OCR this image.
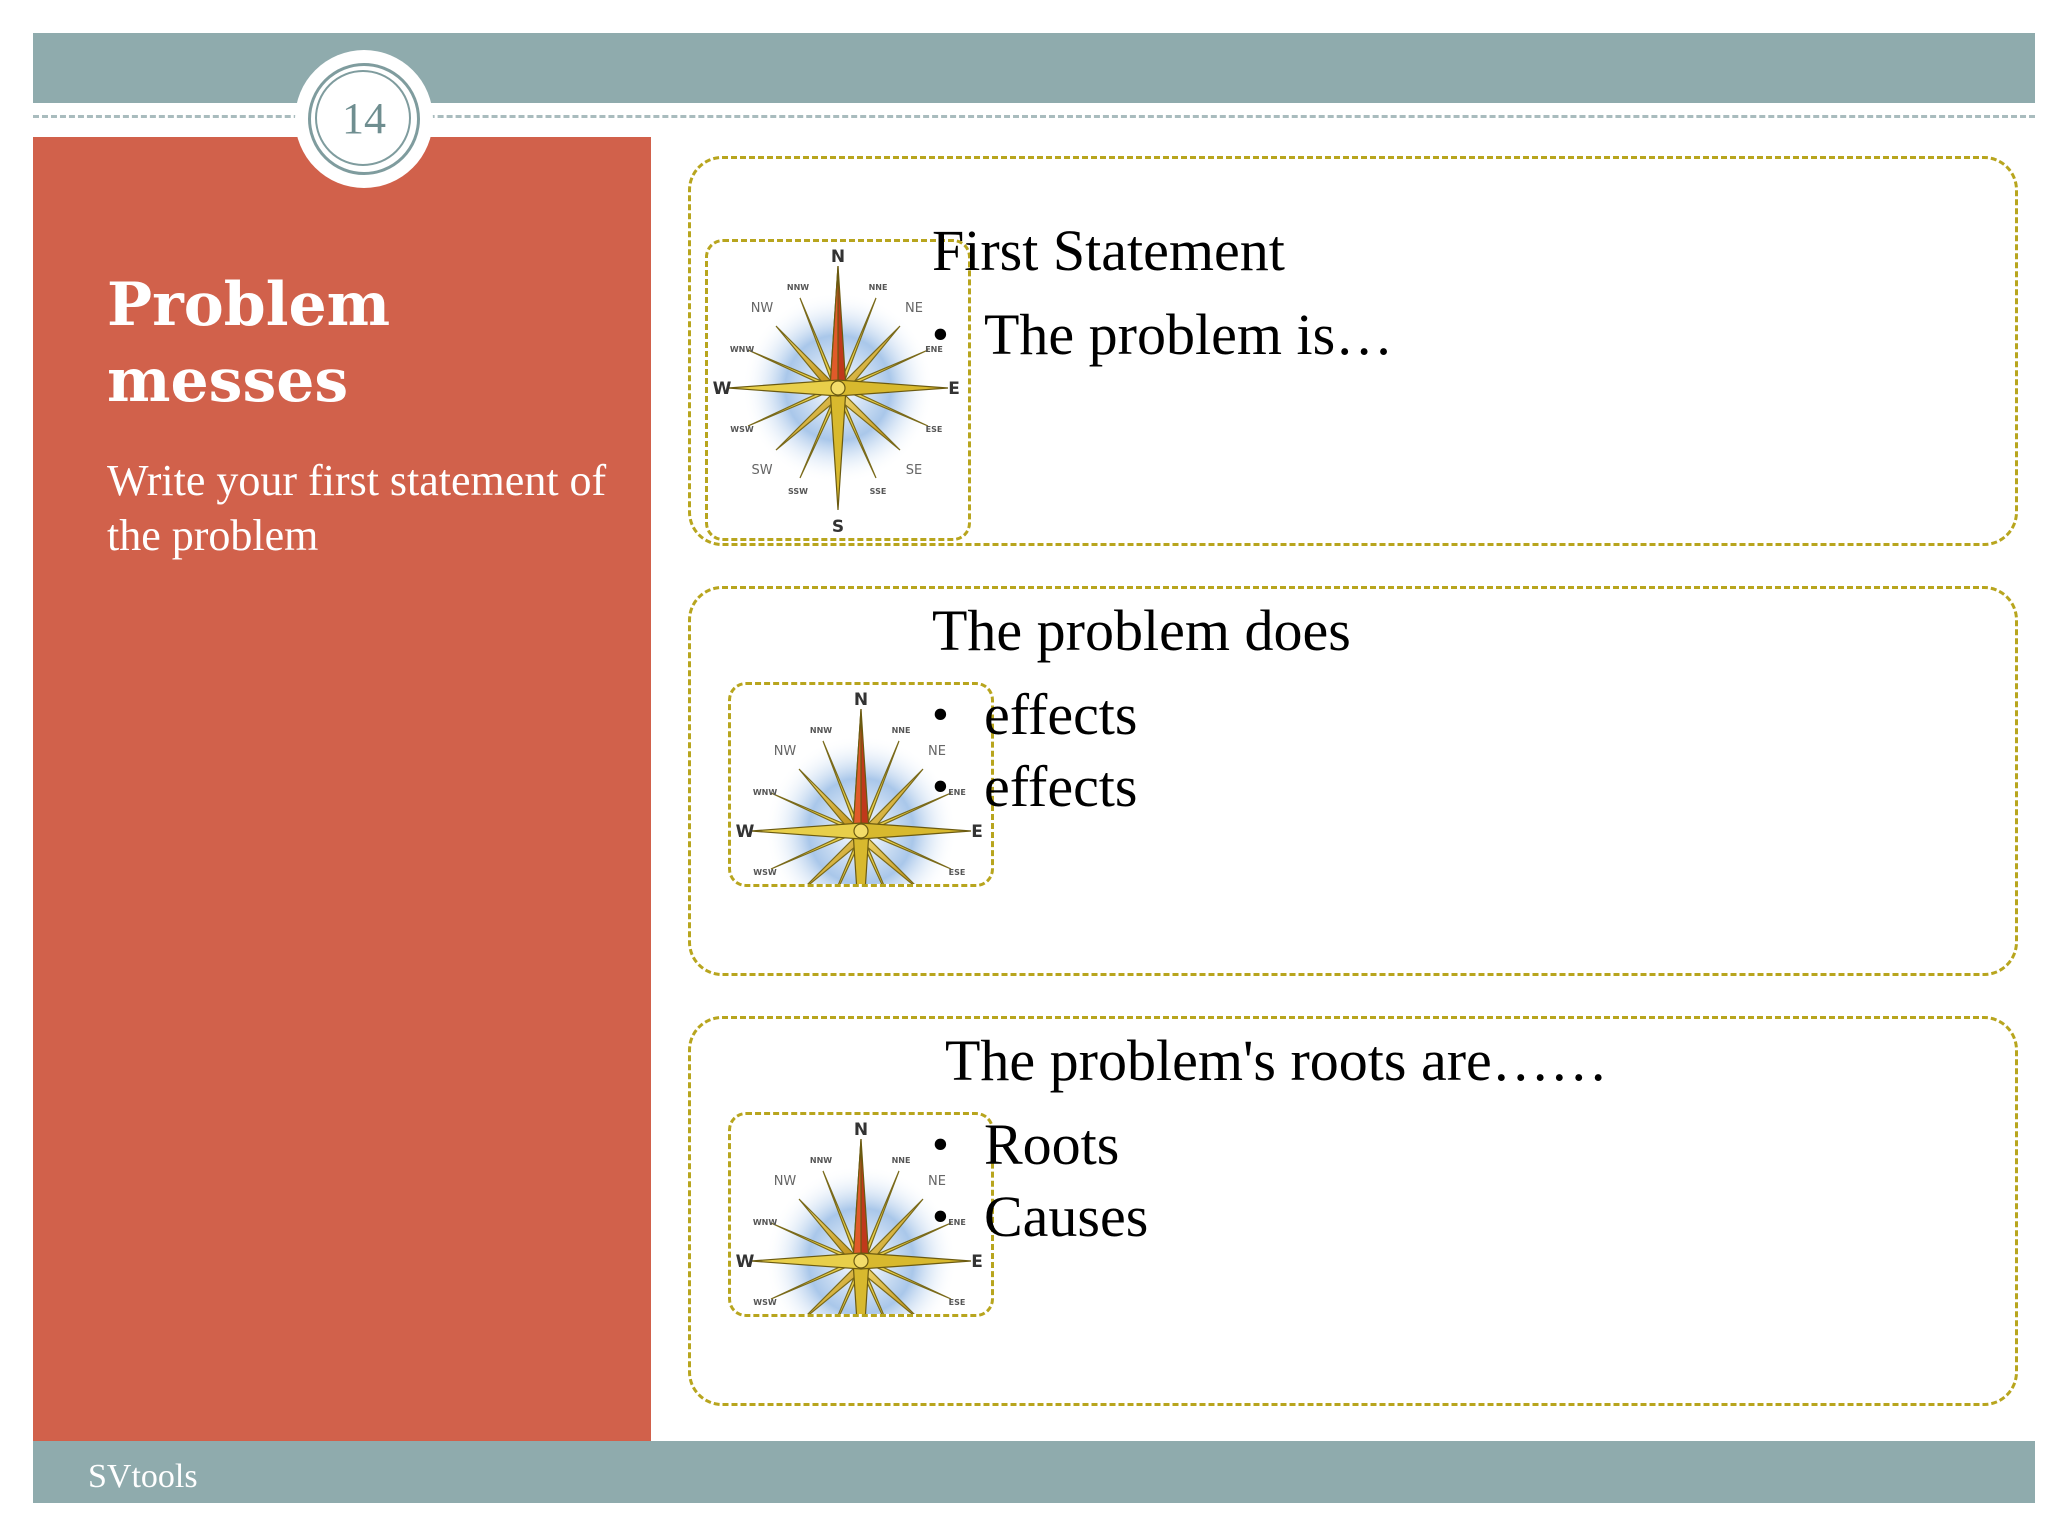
SVtools
14
Problem messes

Write your first statement of the problem

First Statement
• The problem is…
The problem does
• effects
• effects
The problem's roots are……
• Roots
• Causes
